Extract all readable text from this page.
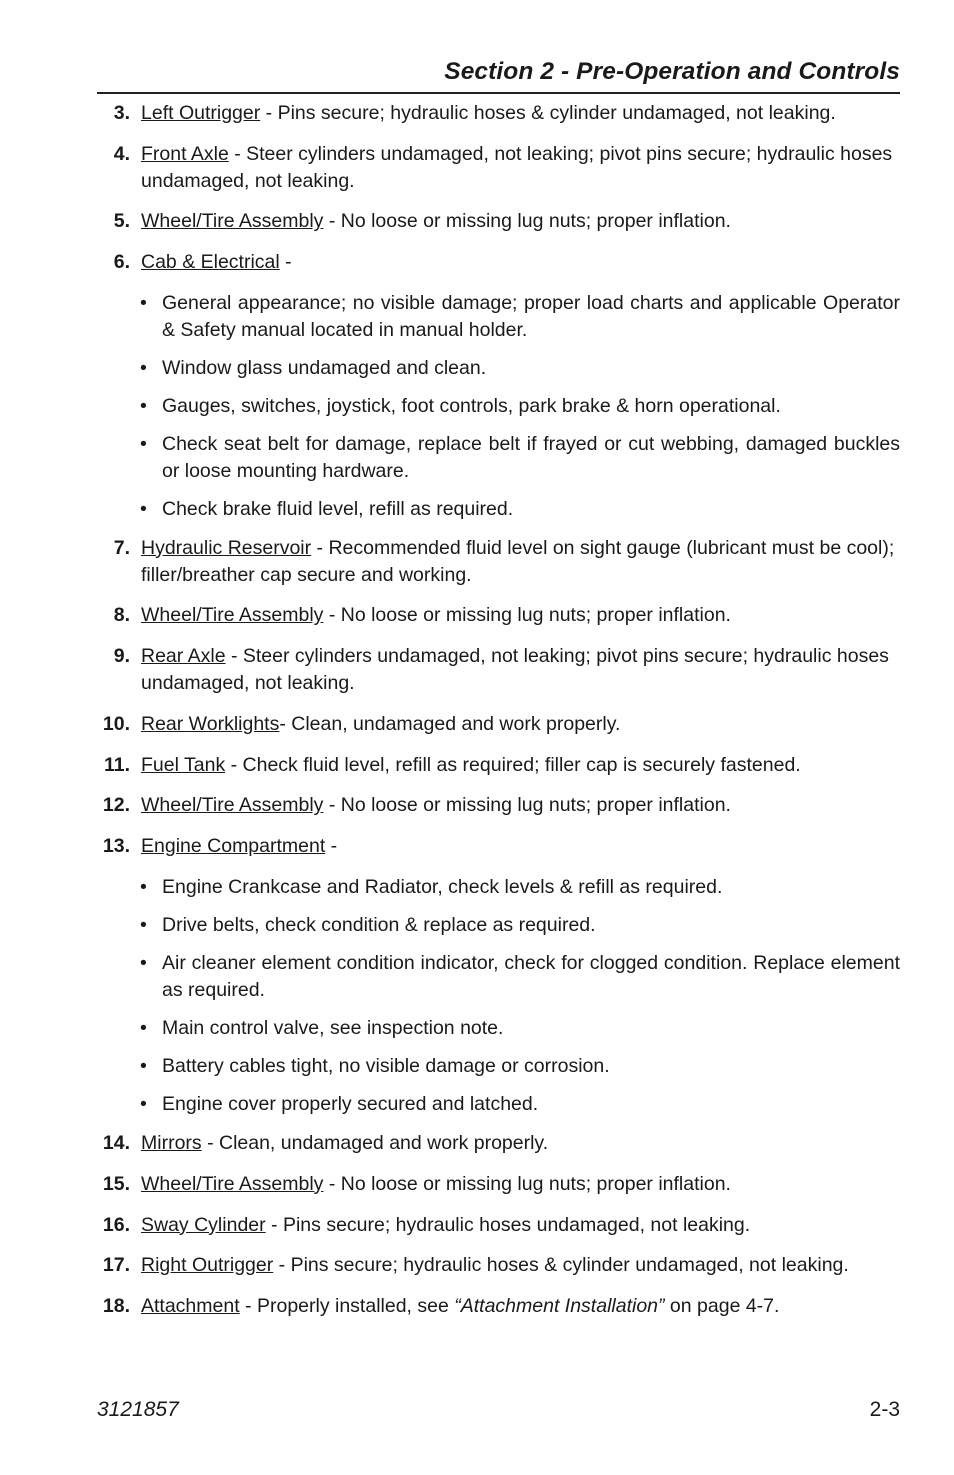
Section 2 - Pre-Operation and Controls
3. Left Outrigger - Pins secure; hydraulic hoses & cylinder undamaged, not leaking.
4. Front Axle - Steer cylinders undamaged, not leaking; pivot pins secure; hydraulic hoses undamaged, not leaking.
5. Wheel/Tire Assembly - No loose or missing lug nuts; proper inflation.
6. Cab & Electrical -
• General appearance; no visible damage; proper load charts and applicable Operator & Safety manual located in manual holder.
• Window glass undamaged and clean.
• Gauges, switches, joystick, foot controls, park brake & horn operational.
• Check seat belt for damage, replace belt if frayed or cut webbing, damaged buckles or loose mounting hardware.
• Check brake fluid level, refill as required.
7. Hydraulic Reservoir - Recommended fluid level on sight gauge (lubricant must be cool); filler/breather cap secure and working.
8. Wheel/Tire Assembly - No loose or missing lug nuts; proper inflation.
9. Rear Axle - Steer cylinders undamaged, not leaking; pivot pins secure; hydraulic hoses undamaged, not leaking.
10. Rear Worklights- Clean, undamaged and work properly.
11. Fuel Tank - Check fluid level, refill as required; filler cap is securely fastened.
12. Wheel/Tire Assembly - No loose or missing lug nuts; proper inflation.
13. Engine Compartment -
• Engine Crankcase and Radiator, check levels & refill as required.
• Drive belts, check condition & replace as required.
• Air cleaner element condition indicator, check for clogged condition. Replace element as required.
• Main control valve, see inspection note.
• Battery cables tight, no visible damage or corrosion.
• Engine cover properly secured and latched.
14. Mirrors - Clean, undamaged and work properly.
15. Wheel/Tire Assembly - No loose or missing lug nuts; proper inflation.
16. Sway Cylinder - Pins secure; hydraulic hoses undamaged, not leaking.
17. Right Outrigger - Pins secure; hydraulic hoses & cylinder undamaged, not leaking.
18. Attachment - Properly installed, see “Attachment Installation” on page 4-7.
3121857	2-3
